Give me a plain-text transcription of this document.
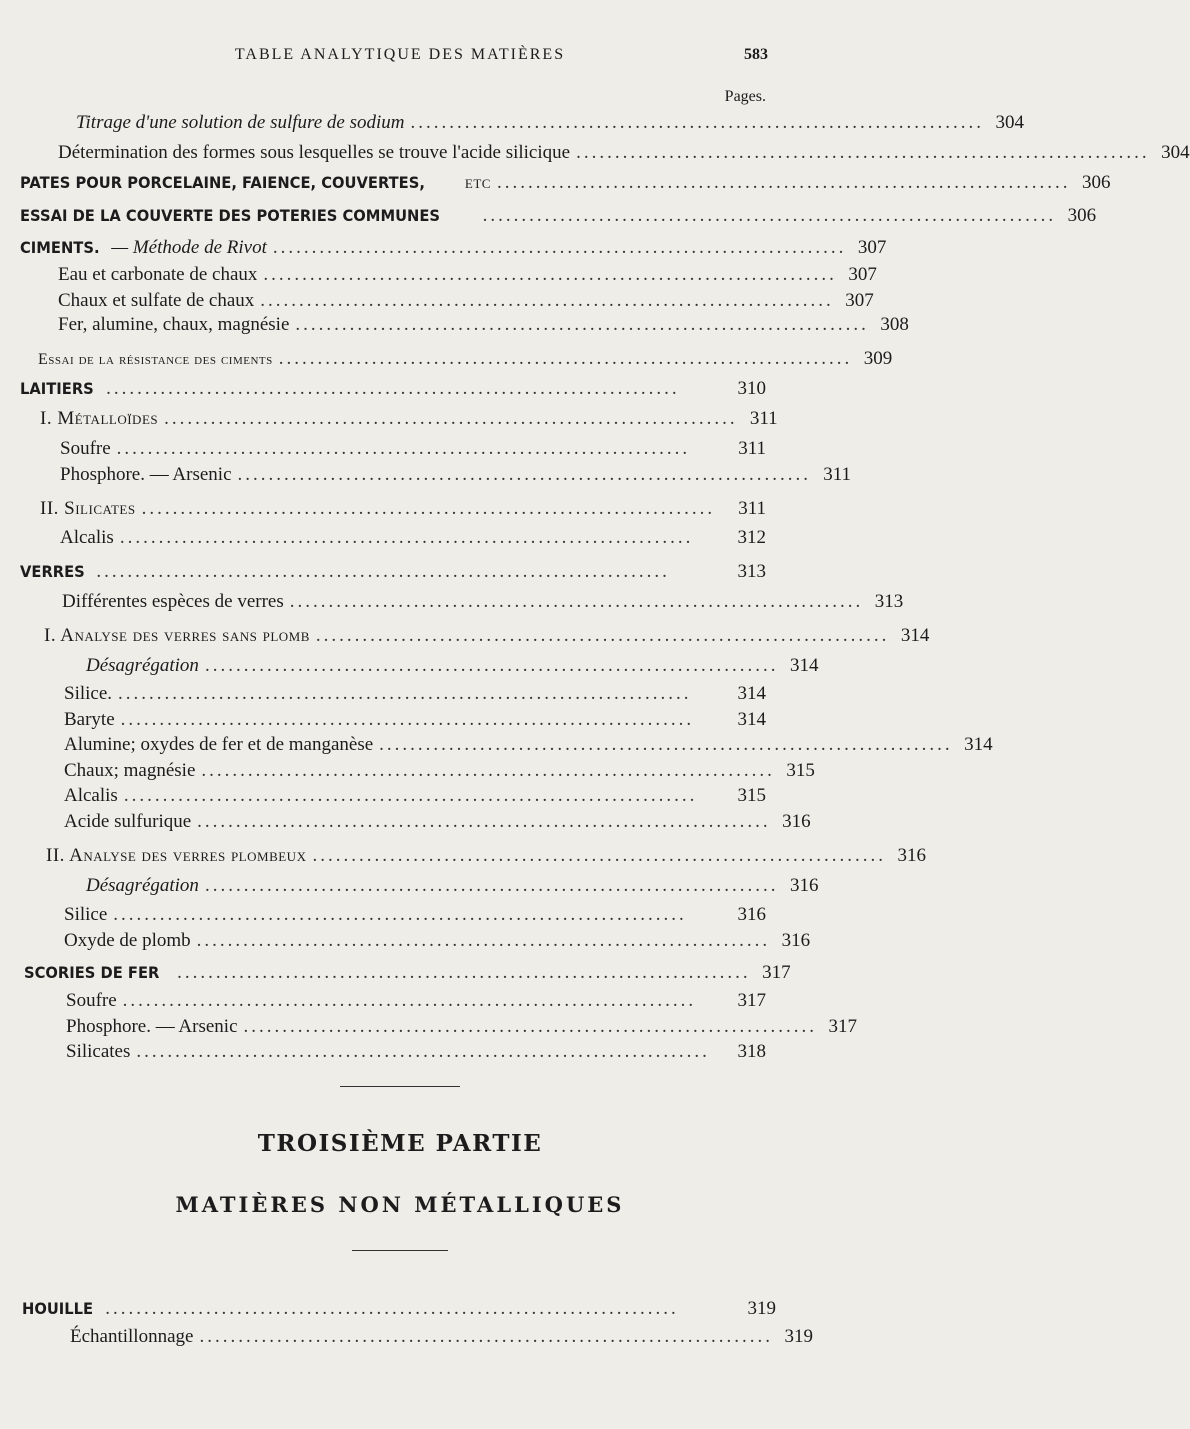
TABLE ANALYTIQUE DES MATIÈRES	583
Pages.
Titrage d'une solution de sulfure de sodium .......................................................................... 304
Détermination des formes sous lesquelles se trouve l'acide silicique .......................................................................... 304
PATES POUR PORCELAINE, FAIENCE, COUVERTES, etc .......................................................................... 306
ESSAI DE LA COUVERTE DES POTERIES COMMUNES	.......................................................................... 306
CIMENTS. — Méthode de Rivot .......................................................................... 307
Eau et carbonate de chaux .......................................................................... 307
Chaux et sulfate de chaux .......................................................................... 307
Fer, alumine, chaux, magnésie .......................................................................... 308
Essai de la résistance des ciments .......................................................................... 309
LAITIERS ..........................................................................	310
I. Métalloïdes .......................................................................... 311
Soufre ..........................................................................	311
Phosphore. — Arsenic .......................................................................... 311
II. Silicates ..........................................................................	311
Alcalis ..........................................................................	312
VERRES ..........................................................................	313
Différentes espèces de verres .......................................................................... 313
I. Analyse des verres sans plomb .......................................................................... 314
Désagrégation .......................................................................... 314
Silice. ..........................................................................	314
Baryte ..........................................................................	314
Alumine; oxydes de fer et de manganèse .......................................................................... 314
Chaux; magnésie .......................................................................... 315
Alcalis ..........................................................................	315
Acide sulfurique .......................................................................... 316
II. Analyse des verres plombeux .......................................................................... 316
Désagrégation .......................................................................... 316
Silice ..........................................................................	316
Oxyde de plomb .......................................................................... 316
SCORIES DE FER .......................................................................... 317
Soufre ..........................................................................	317
Phosphore. — Arsenic .......................................................................... 317
Silicates ..........................................................................	318
TROISIÈME PARTIE
MATIÈRES NON MÉTALLIQUES
HOUILLE ..........................................................................	319
Échantillonnage .......................................................................... 319
